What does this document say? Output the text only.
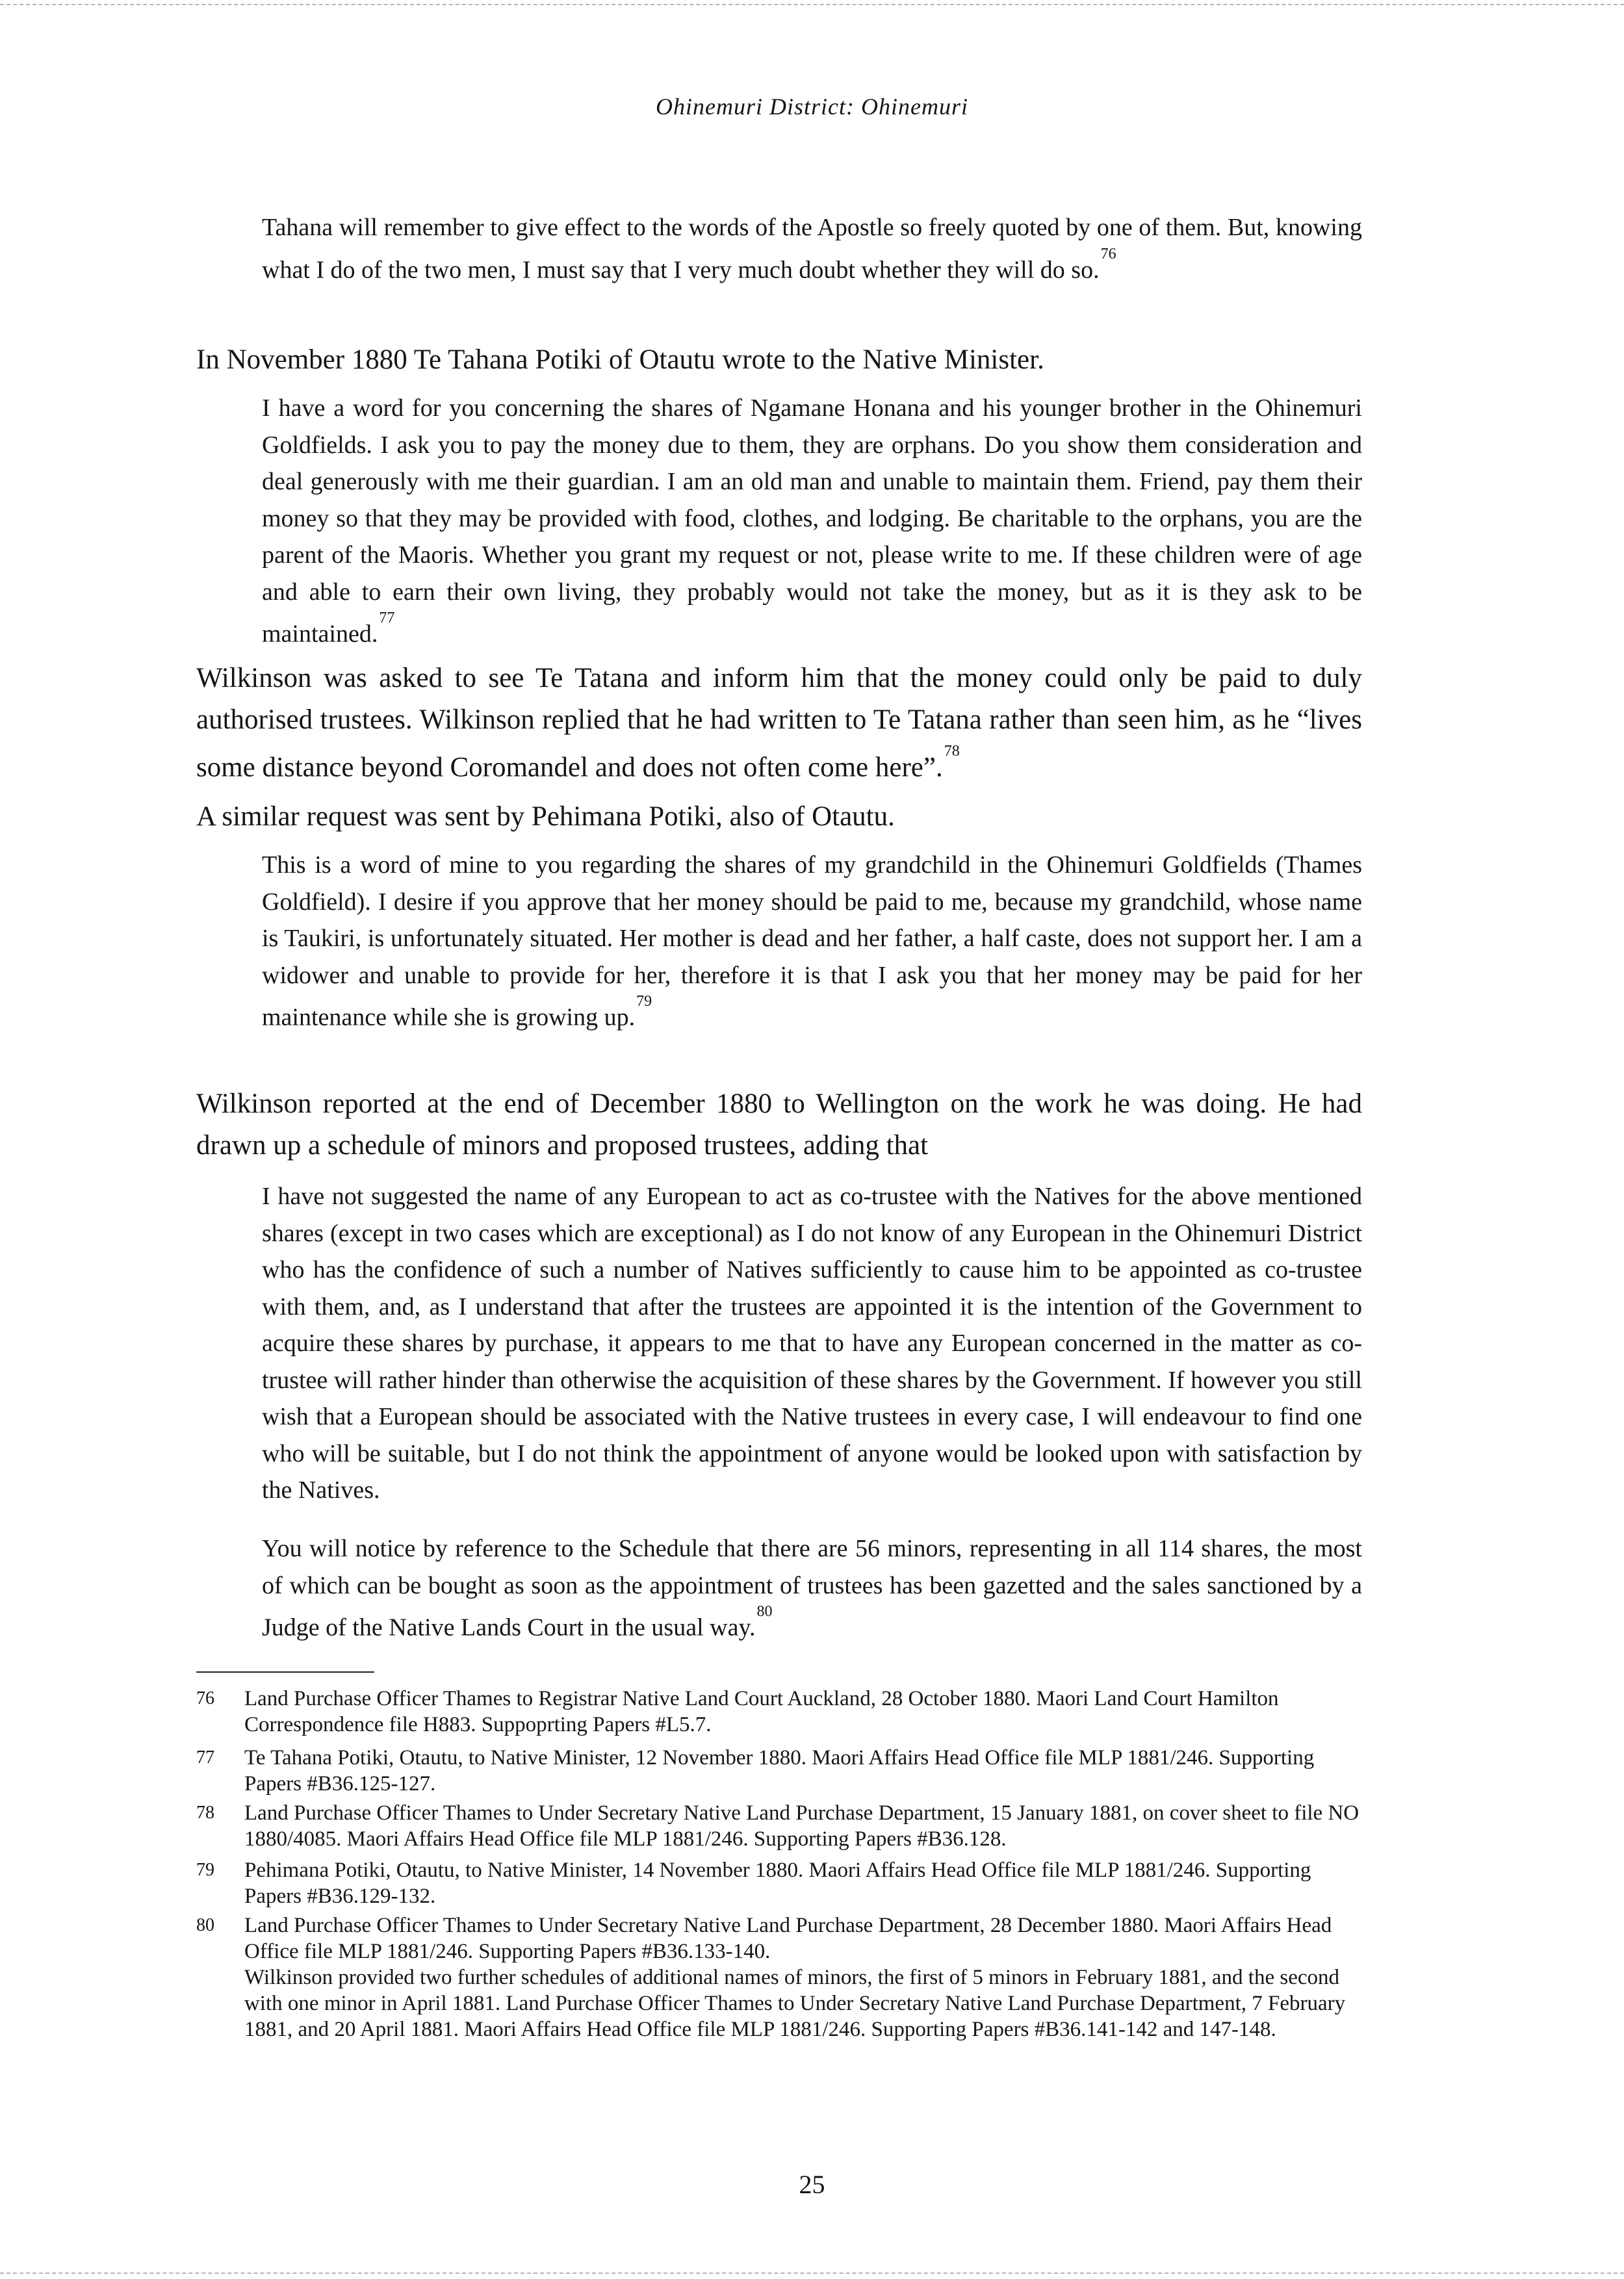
Ohinemuri District: Ohinemuri

Tahana will remember to give effect to the words of the Apostle so freely quoted by one of them. But, knowing what I do of the two men, I must say that I very much doubt whether they will do so.$^{76}$

In November 1880 Te Tahana Potiki of Otautu wrote to the Native Minister.

I have a word for you concerning the shares of Ngamane Honana and his younger brother in the Ohinemuri Goldfields. I ask you to pay the money due to them, they are orphans. Do you show them consideration and deal generously with me their guardian. I am an old man and unable to maintain them. Friend, pay them their money so that they may be provided with food, clothes, and lodging. Be charitable to the orphans, you are the parent of the Maoris. Whether you grant my request or not, please write to me. If these children were of age and able to earn their own living, they probably would not take the money, but as it is they ask to be maintained.$^{77}$

Wilkinson was asked to see Te Tatana and inform him that the money could only be paid to duly authorised trustees. Wilkinson replied that he had written to Te Tatana rather than seen him, as he “lives some distance beyond Coromandel and does not often come here”.$^{78}$

A similar request was sent by Pehimana Potiki, also of Otautu.

This is a word of mine to you regarding the shares of my grandchild in the Ohinemuri Goldfields (Thames Goldfield). I desire if you approve that her money should be paid to me, because my grandchild, whose name is Taukiri, is unfortunately situated. Her mother is dead and her father, a half caste, does not support her. I am a widower and unable to provide for her, therefore it is that I ask you that her money may be paid for her maintenance while she is growing up.$^{79}$

Wilkinson reported at the end of December 1880 to Wellington on the work he was doing. He had drawn up a schedule of minors and proposed trustees, adding that

I have not suggested the name of any European to act as co-trustee with the Natives for the above mentioned shares (except in two cases which are exceptional) as I do not know of any European in the Ohinemuri District who has the confidence of such a number of Natives sufficiently to cause him to be appointed as co-trustee with them, and, as I understand that after the trustees are appointed it is the intention of the Government to acquire these shares by purchase, it appears to me that to have any European concerned in the matter as co-trustee will rather hinder than otherwise the acquisition of these shares by the Government. If however you still wish that a European should be associated with the Native trustees in every case, I will endeavour to find one who will be suitable, but I do not think the appointment of anyone would be looked upon with satisfaction by the Natives.

You will notice by reference to the Schedule that there are 56 minors, representing in all 114 shares, the most of which can be bought as soon as the appointment of trustees has been gazetted and the sales sanctioned by a Judge of the Native Lands Court in the usual way.$^{80}$

76	Land Purchase Officer Thames to Registrar Native Land Court Auckland, 28 October 1880. Maori Land Court Hamilton Correspondence file H883. Suppoprting Papers #L5.7.
77	Te Tahana Potiki, Otautu, to Native Minister, 12 November 1880. Maori Affairs Head Office file MLP 1881/246. Supporting Papers #B36.125-127.
78	Land Purchase Officer Thames to Under Secretary Native Land Purchase Department, 15 January 1881, on cover sheet to file NO 1880/4085. Maori Affairs Head Office file MLP 1881/246. Supporting Papers #B36.128.
79	Pehimana Potiki, Otautu, to Native Minister, 14 November 1880. Maori Affairs Head Office file MLP 1881/246. Supporting Papers #B36.129-132.
80	Land Purchase Officer Thames to Under Secretary Native Land Purchase Department, 28 December 1880. Maori Affairs Head Office file MLP 1881/246. Supporting Papers #B36.133-140.
Wilkinson provided two further schedules of additional names of minors, the first of 5 minors in February 1881, and the second with one minor in April 1881. Land Purchase Officer Thames to Under Secretary Native Land Purchase Department, 7 February 1881, and 20 April 1881. Maori Affairs Head Office file MLP 1881/246. Supporting Papers #B36.141-142 and 147-148.
25
